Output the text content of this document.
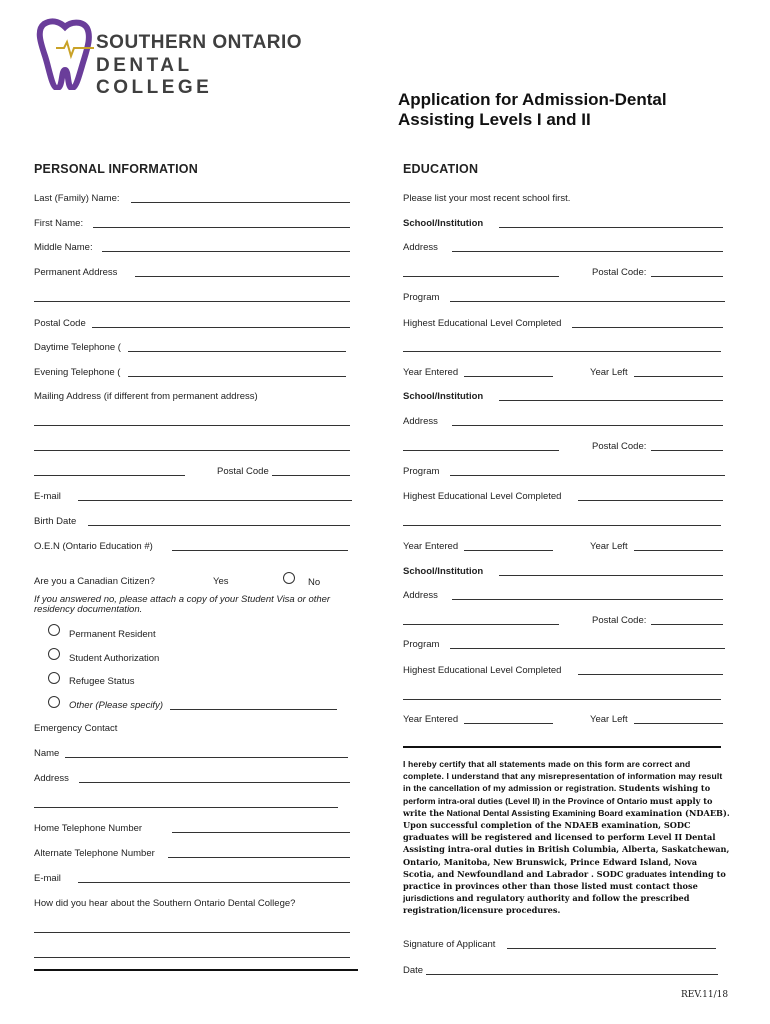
SOUTHERN ONTARIO
DENTAL COLLEGE
Application for Admission-Dental
Assisting Levels I and II
PERSONAL INFORMATION	EDUCATION
Last (Family) Name:
First Name:
Middle Name:
Permanent Address
Postal Code
Daytime Telephone (
Evening Telephone (
Mailing Address (if different from permanent address)
Postal Code
E-mail
Birth Date
O.E.N (Ontario Education #)
Are you a Canadian Citizen?	Yes	No
If you answered no, please attach a copy of your Student Visa or other
residency documentation.
Permanent Resident
Student Authorization
Refugee Status
Other (Please specify)
Emergency Contact
Name
Address
Home Telephone Number
Alternate Telephone Number
E-mail
How did you hear about the Southern Ontario Dental College?
Please list your most recent school first.
School/Institution
Address
Postal Code:
Program
Highest Educational Level Completed
Year Entered	Year Left
School/Institution
Address
Postal Code:
Program
Highest Educational Level Completed
Year Entered	Year Left
School/Institution
Address
Postal Code:
Program
Highest Educational Level Completed
Year Entered	Year Left
I hereby certify that all statements made on this form are correct and complete. I understand that any misrepresentation of information may result in the cancellation of my admission or registration. Students wishing to perform intra-oral duties (Level II) in the Province of Ontario must apply to write the National Dental Assisting Examining Board examination (NDAEB). Upon successful completion of the NDAEB examination, SODC graduates will be registered and licensed to perform Level II Dental Assisting intra-oral duties in British Columbia, Alberta, Saskatchewan, Ontario, Manitoba, New Brunswick, Prince Edward Island, Nova Scotia, and Newfoundland and Labrador . SODC graduates intending to practice in provinces other than those listed must contact those jurisdictions and regulatory authority and follow the prescribed registration/licensure procedures.
Signature of Applicant
Date
REV.11/18
